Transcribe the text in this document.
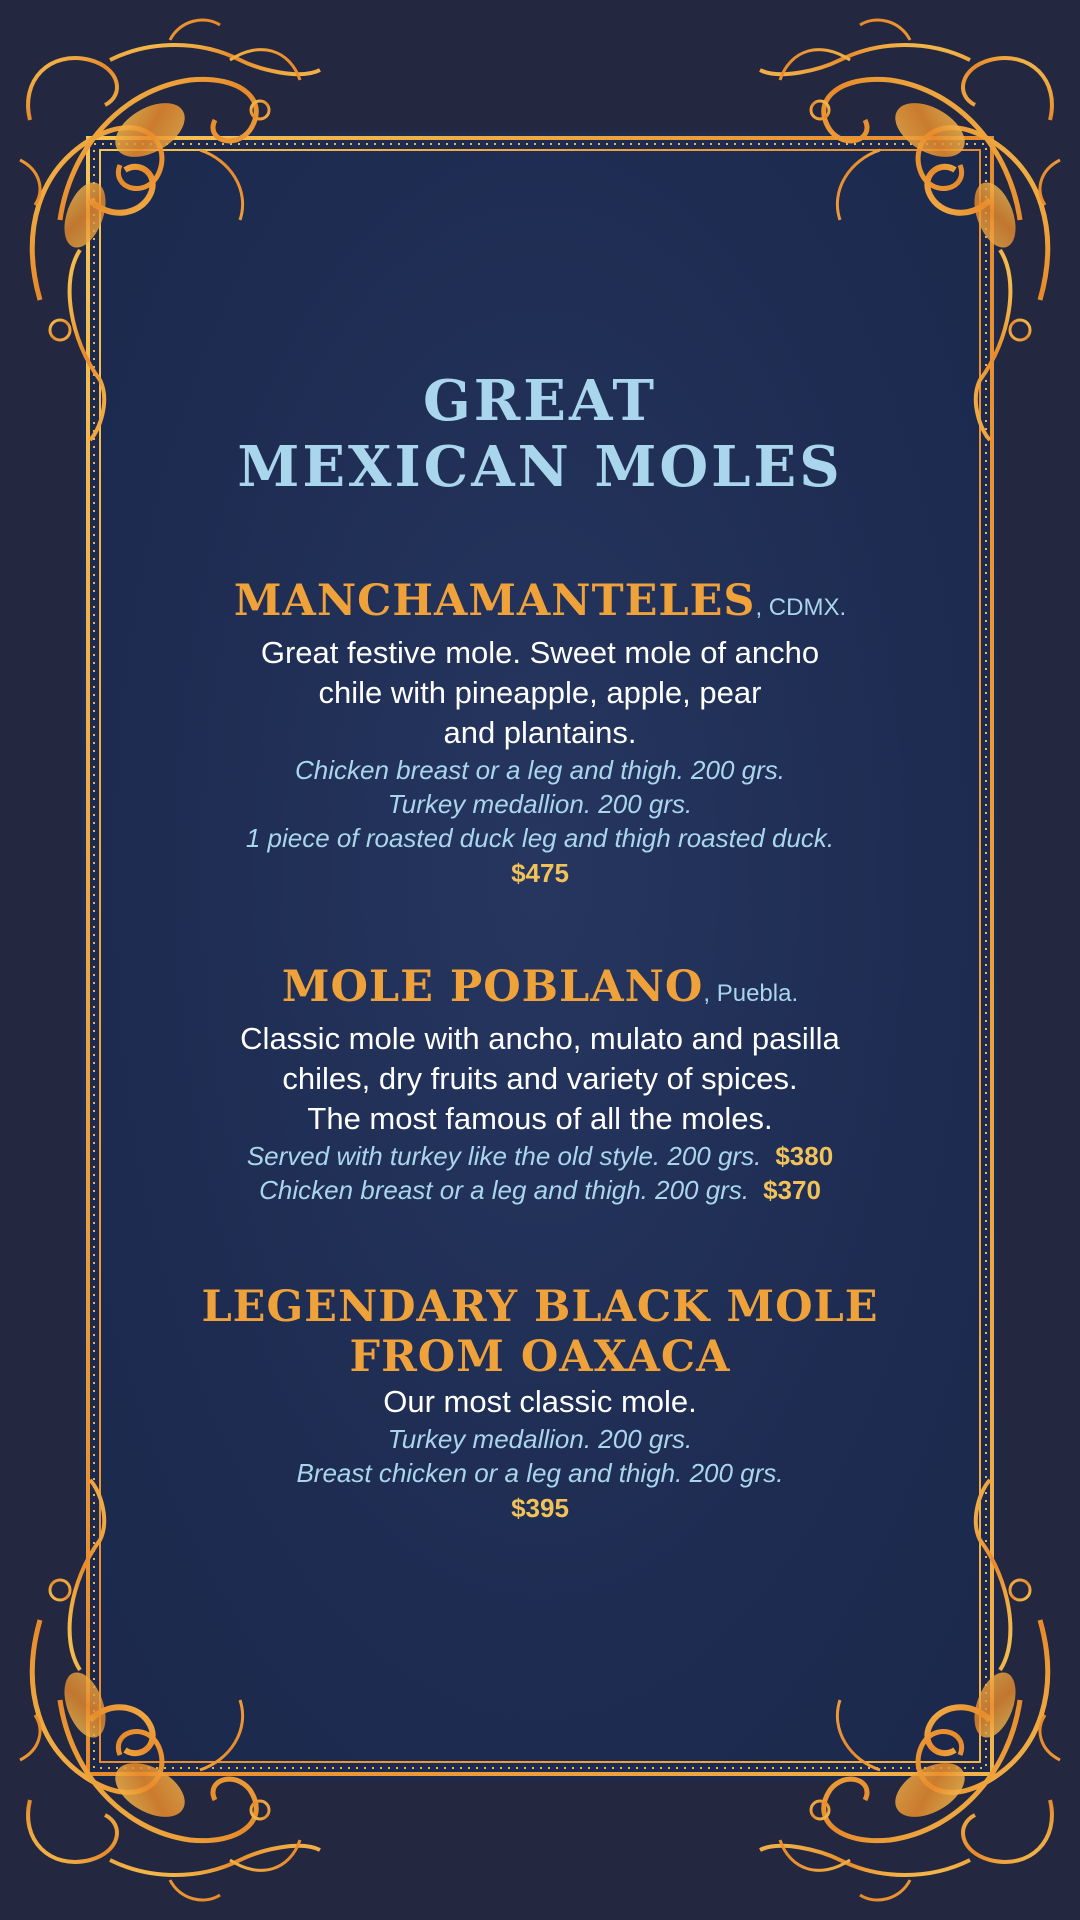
GREAT
MEXICAN MOLES
MANCHAMANTELES, CDMX.
Great festive mole. Sweet mole of ancho
chile with pineapple, apple, pear
and plantains.
Chicken breast or a leg and thigh. 200 grs.
Turkey medallion. 200 grs.
1 piece of roasted duck leg and thigh roasted duck.
$475
MOLE POBLANO, Puebla.
Classic mole with ancho, mulato and pasilla
chiles, dry fruits and variety of spices.
The most famous of all the moles.
Served with turkey like the old style. 200 grs. $380
Chicken breast or a leg and thigh. 200 grs. $370
LEGENDARY BLACK MOLE
FROM OAXACA
Our most classic mole.
Turkey medallion. 200 grs.
Breast chicken or a leg and thigh. 200 grs.
$395
